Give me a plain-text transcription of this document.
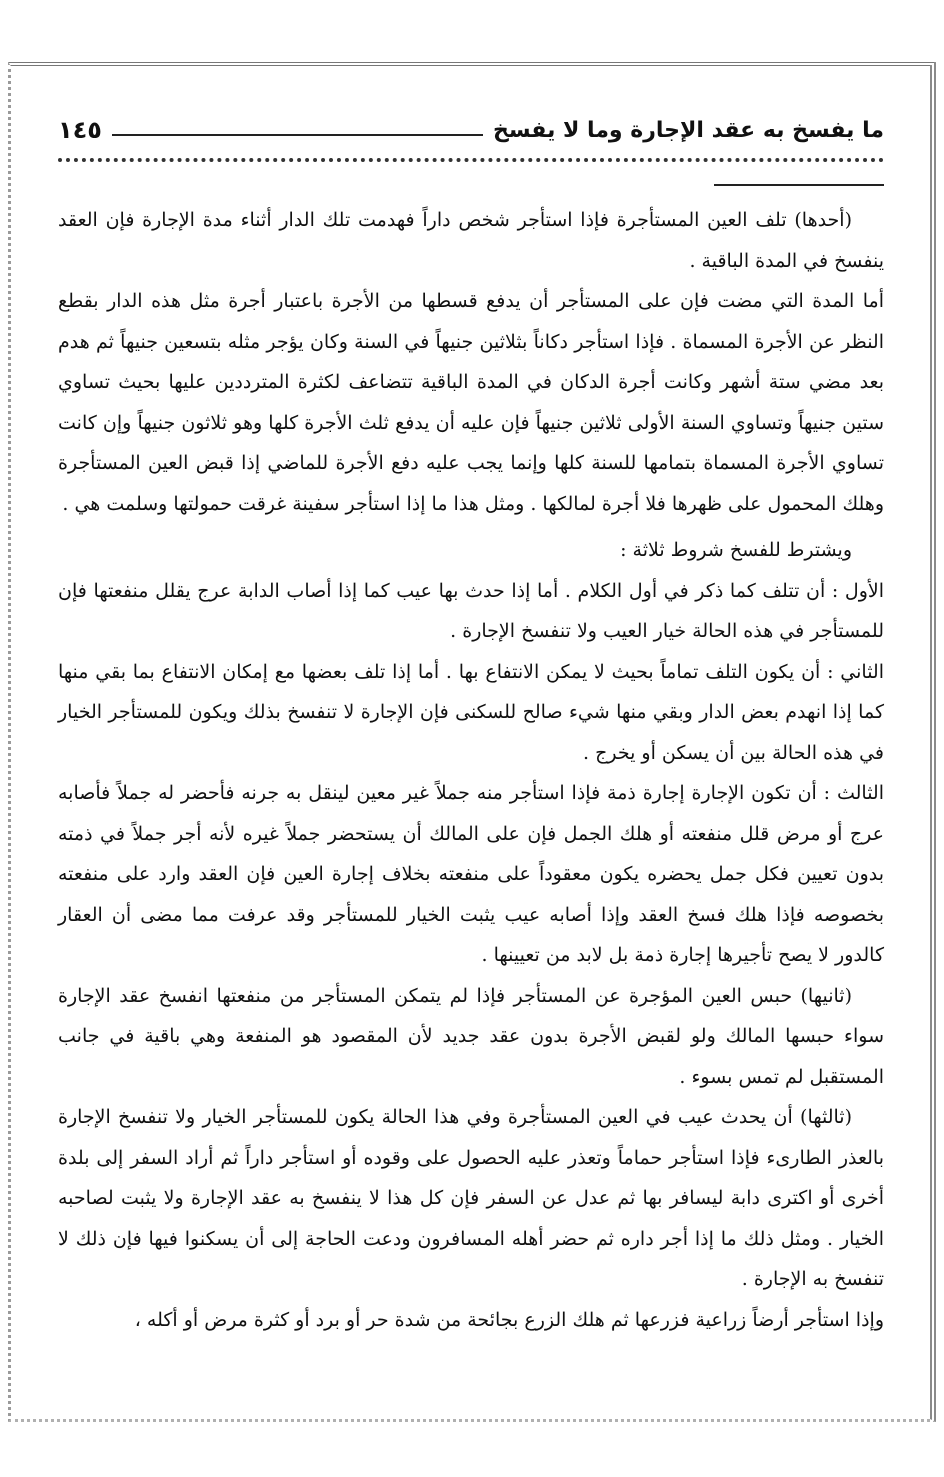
ما يفسخ به عقد الإجارة وما لا يفسخ
١٤٥

(أحدها) تلف العين المستأجرة فإذا استأجر شخص داراً فهدمت تلك الدار أثناء مدة الإجارة فإن العقد ينفسخ في المدة الباقية .

أما المدة التي مضت فإن على المستأجر أن يدفع قسطها من الأجرة باعتبار أجرة مثل هذه الدار بقطع النظر عن الأجرة المسماة . فإذا استأجر دكاناً بثلاثين جنيهاً في السنة وكان يؤجر مثله بتسعين جنيهاً ثم هدم بعد مضي ستة أشهر وكانت أجرة الدكان في المدة الباقية تتضاعف لكثرة المترددين عليها بحيث تساوي ستين جنيهاً وتساوي السنة الأولى ثلاثين جنيهاً فإن عليه أن يدفع ثلث الأجرة كلها وهو ثلاثون جنيهاً وإن كانت تساوي الأجرة المسماة بتمامها للسنة كلها وإنما يجب عليه دفع الأجرة للماضي إذا قبض العين المستأجرة وهلك المحمول على ظهرها فلا أجرة لمالكها . ومثل هذا ما إذا استأجر سفينة غرقت حمولتها وسلمت هي .

ويشترط للفسخ شروط ثلاثة :

الأول : أن تتلف كما ذكر في أول الكلام . أما إذا حدث بها عيب كما إذا أصاب الدابة عرج يقلل منفعتها فإن للمستأجر في هذه الحالة خيار العيب ولا تنفسخ الإجارة .

الثاني : أن يكون التلف تماماً بحيث لا يمكن الانتفاع بها . أما إذا تلف بعضها مع إمكان الانتفاع بما بقي منها كما إذا انهدم بعض الدار وبقي منها شيء صالح للسكنى فإن الإجارة لا تنفسخ بذلك ويكون للمستأجر الخيار في هذه الحالة بين أن يسكن أو يخرج .

الثالث : أن تكون الإجارة إجارة ذمة فإذا استأجر منه جملاً غير معين لينقل به جرنه فأحضر له جملاً فأصابه عرج أو مرض قلل منفعته أو هلك الجمل فإن على المالك أن يستحضر جملاً غيره لأنه أجر جملاً في ذمته بدون تعيين فكل جمل يحضره يكون معقوداً على منفعته بخلاف إجارة العين فإن العقد وارد على منفعته بخصوصه فإذا هلك فسخ العقد وإذا أصابه عيب يثبت الخيار للمستأجر وقد عرفت مما مضى أن العقار كالدور لا يصح تأجيرها إجارة ذمة بل لابد من تعيينها .

(ثانيها) حبس العين المؤجرة عن المستأجر فإذا لم يتمكن المستأجر من منفعتها انفسخ عقد الإجارة سواء حبسها المالك ولو لقبض الأجرة بدون عقد جديد لأن المقصود هو المنفعة وهي باقية في جانب المستقبل لم تمس بسوء .

(ثالثها) أن يحدث عيب في العين المستأجرة وفي هذا الحالة يكون للمستأجر الخيار ولا تنفسخ الإجارة بالعذر الطارىء فإذا استأجر حماماً وتعذر عليه الحصول على وقوده أو استأجر داراً ثم أراد السفر إلى بلدة أخرى أو اكترى دابة ليسافر بها ثم عدل عن السفر فإن كل هذا لا ينفسخ به عقد الإجارة ولا يثبت لصاحبه الخيار . ومثل ذلك ما إذا أجر داره ثم حضر أهله المسافرون ودعت الحاجة إلى أن يسكنوا فيها فإن ذلك لا تنفسخ به الإجارة .

وإذا استأجر أرضاً زراعية فزرعها ثم هلك الزرع بجائحة من شدة حر أو برد أو كثرة مرض أو أكله ،
